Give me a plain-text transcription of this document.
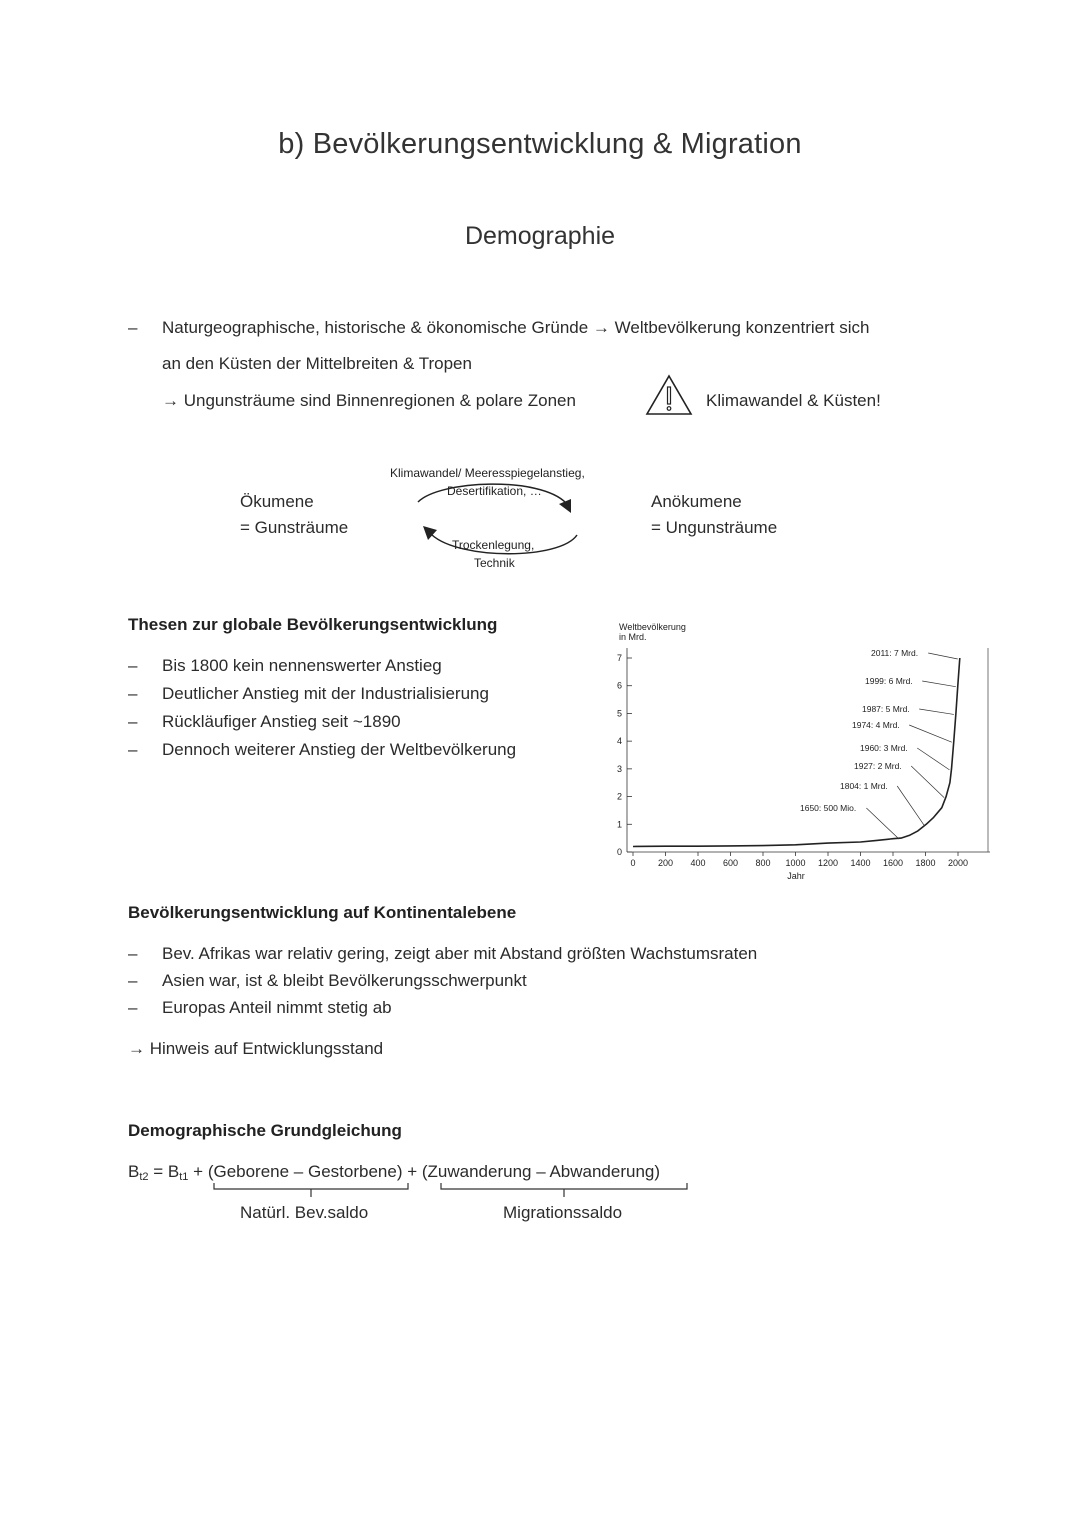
b) Bevölkerungsentwicklung & Migration
Demographie
– Naturgeographische, historische & ökonomische Gründe → Weltbevölkerung konzentriert sich
an den Küsten der Mittelbreiten & Tropen
→ Ungunsträume sind Binnenregionen & polare Zonen	Klimawandel & Küsten!
Ökumene
= Gunsträume
Anökumene
= Ungunsträume
Klimawandel/ Meeresspiegelanstieg,
Desertifikation, …
Trockenlegung,
Technik
Thesen zur globale Bevölkerungsentwicklung
– Bis 1800 kein nennenswerter Anstieg
– Deutlicher Anstieg mit der Industrialisierung
– Rückläufiger Anstieg seit ~1890
– Dennoch weiterer Anstieg der Weltbevölkerung
Weltbevölkerung
in Mrd.
Jahr
0
1
2
3
4
5
6
7
0 200 400 600 800 1000 1200 1400 1600 1800 2000
2011: 7 Mrd.
1999: 6 Mrd.
1987: 5 Mrd.
1974: 4 Mrd.
1960: 3 Mrd.
1927: 2 Mrd.
1804: 1 Mrd.
1650: 500 Mio.
Bevölkerungsentwicklung auf Kontinentalebene
– Bev. Afrikas war relativ gering, zeigt aber mit Abstand größten Wachstumsraten
– Asien war, ist & bleibt Bevölkerungsschwerpunkt
– Europas Anteil nimmt stetig ab
→ Hinweis auf Entwicklungsstand
Demographische Grundgleichung
Bt2 = Bt1 + (Geborene – Gestorbene) + (Zuwanderung – Abwanderung)
Natürl. Bev.saldo	Migrationssaldo
